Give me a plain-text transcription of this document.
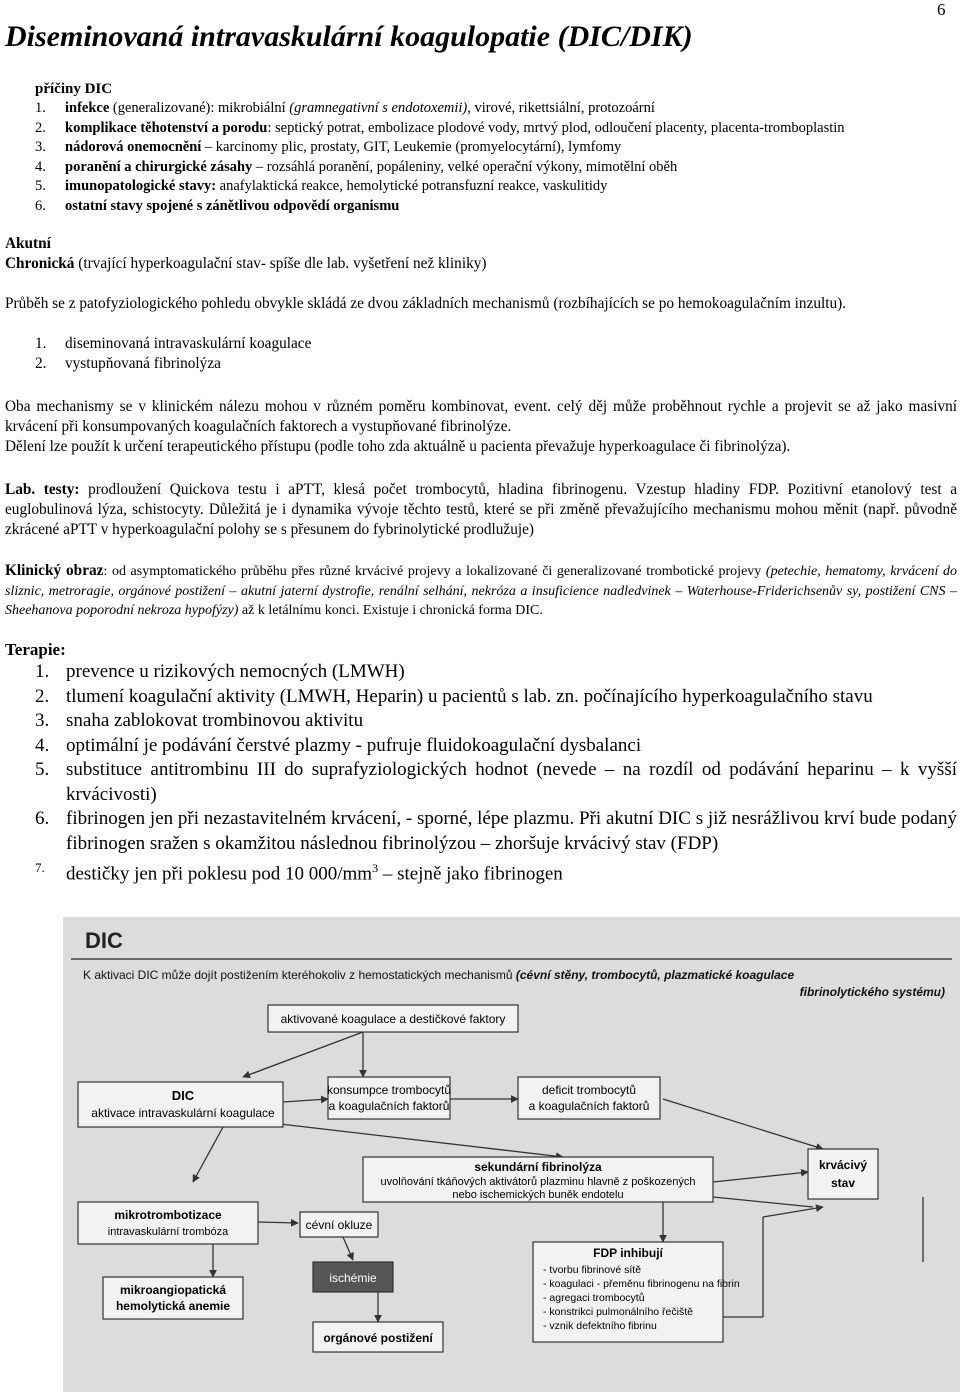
6
Diseminovaná intravaskulární koagulopatie (DIC/DIK)
příčiny DIC
1. infekce (generalizované): mikrobiální (gramnegativní s endotoxemii), virové, rikettsiální, protozoární
2. komplikace těhotenství a porodu: septický potrat, embolizace plodové vody, mrtvý plod, odloučení placenty, placenta-tromboplastin
3. nádorová onemocnění – karcinomy plic, prostaty, GIT, Leukemie (promyelocytární), lymfomy
4. poranění a chirurgické zásahy – rozsáhlá poranění, popáleniny, velké operační výkony, mimotělní oběh
5. imunopatologické stavy: anafylaktická reakce, hemolytické potransfuzní reakce, vaskulitidy
6. ostatní stavy spojené s zánětlivou odpovědí organismu
Akutní
Chronická (trvající hyperkoagulační stav- spíše dle lab. vyšetření než kliniky)
Průběh se z patofyziologického pohledu obvykle skládá ze dvou základních mechanismů (rozbíhajících se po hemokoagulačním inzultu).
1. diseminovaná intravaskulární koagulace
2. vystupňovaná fibrinolýza
Oba mechanismy se v klinickém nálezu mohou v různém poměru kombinovat, event. celý děj může proběhnout rychle a projevit se až jako masivní krvácení při konsumpovaných koagulačních faktorech a vystupňované fibrinolýze.
Dělení lze použít k určení terapeutického přístupu (podle toho zda aktuálně u pacienta převažuje hyperkoagulace či fibrinolýza).
Lab. testy: prodloužení Quickova testu i aPTT, klesá počet trombocytů, hladina fibrinogenu. Vzestup hladiny FDP. Pozitivní etanolový test a euglobulinová lýza, schistocyty. Důležitá je i dynamika vývoje těchto testů, které se při změně převažujícího mechanismu mohou měnit (např. původně zkrácené aPTT v hyperkoagulační polohy se s přesunem do fybrinolytické prodlužuje)
Klinický obraz: od asymptomatického průběhu přes různé krvácivé projevy a lokalizované či generalizované trombotické projevy (petechie, hematomy, krvácení do sliznic, metroragie, orgánové postižení – akutní jaterní dystrofie, renální selhání, nekróza a insuficience nadledvinek – Waterhouse-Friderichsenův sy, postižení CNS – Sheehanova poporodní nekroza hypofýzy) až k letálnímu konci. Existuje i chronická forma DIC.
Terapie:
1. prevence u rizikových nemocných (LMWH)
2. tlumení koagulační aktivity (LMWH, Heparin) u pacientů s lab. zn. počínajícího hyperkoagulačního stavu
3. snaha zablokovat trombinovou aktivitu
4. optimální je podávání čerstvé plazmy - pufruje fluidokoagulační dysbalanci
5. substituce antitrombinu III do suprafyziologických hodnot (nevede – na rozdíl od podávání heparinu – k vyšší krvácivosti)
6. fibrinogen jen při nezastavitelném krvácení, - sporné, lépe plazmu. Při akutní DIC s již nesrážlivou krví bude podaný fibrinogen sražen s okamžitou následnou fibrinolýzou – zhoršuje krvácivý stav (FDP)
7. destičky jen při poklesu pod 10 $000/mm^3$ – stejně jako fibrinogen
DIC
K aktivaci DIC může dojít postižením kteréhokoliv z hemostatických mechanismů (cévní stěny, trombocytů, plazmatické koagulace
fibrinolytického systému)
aktivované koagulace a destičkové faktory
konsumpce trombocytů
a koagulačních faktorů
deficit trombocytů
a koagulačních faktorů
DIC
aktivace intravaskulární koagulace
sekundární fibrinolýza
uvolňování tkáňových aktivátorů plazminu hlavně z poškozených
nebo ischemických buněk endotelu
krvácivý
stav
mikrotrombotizace
intravaskulární trombóza	cévní okluze
ischémie
mikroangiopatická
hemolytická anemie
FDP inhibují
- tvorbu fibrinové sítě
- koagulaci - přeměnu fibrinogenu na fibrin
- agregaci trombocytů
- konstrikci pulmonálního řečiště
- vznik defektního fibrinu
orgánové postižení
